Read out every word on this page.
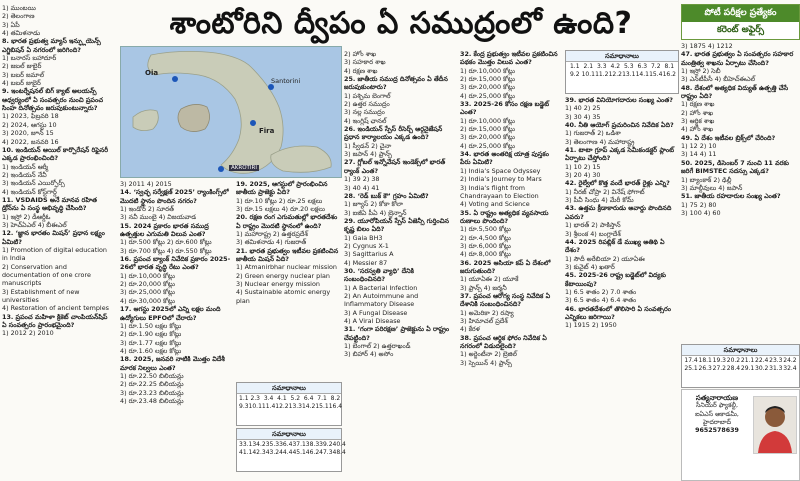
శాంటోరిని ద్వీపం ఏ సముద్రంలో ఉంది?	పోటీ పరీక్షల ప్రత్యేకం
కరెంట్ అఫైర్స్
Oia
Santorini
Fira
AKROTIRI

1) ముంబయి

2) తెలంగాణ

3) ఏపీ

4) తమిళనాడు

8. భారత ప్రభుత్వ మ్యాస్ ఇన్ఫ్లుయెన్స్ ఎగ్జిబిషన్ ఏ నగరంలో జరిగింది?

1) బనారస్ బహాదూర్

2) జబల్ జుబైర్

3) బబర్ జమాల్

4) బబర్ జుబైర్

9. ఇంటర్నేషనల్ బిగ్ క్యాట్ అలయన్స్ ఆధ్వర్యంలో ఏ సంవత్సరం నుంచి ప్రపంచ సింహ దినోత్సవం జరుపుకుంటున్నారు?

1) 2023, ఫిబ్రవరి 18

2) 2024, ఆగస్టు 10

3) 2020, జూన్ 15

4) 2022, జనవరి 16

10. ఇండియన్ ఆయిల్ కార్పొరేషన్ రిఫైనరీ ఎక్కడ ప్రారంభించింది?

1) ఇండియన్ ఆర్మీ

2) ఇండియన్ నేవీ

3) ఇండియన్ ఎయిర్ఫోర్స్

4) ఇండియన్ కోస్ట్‌గార్డ్

11. VSDAIDS అనే మానవ రహిత డ్రోన్‌ను ఏ సంస్థ అభివృద్ధి చేసింది?

1) ఇస్రో 2) డీఆర్డీఓ

3) హెచ్ఏఎల్ 4) బీఈఎల్

12. ‘జ్ఞాన భారతం మిషన్’ ప్రధాన లక్ష్యం ఏమిటి?

1) Promotion of digital education in India

2) Conservation and documentation of one crore manuscripts

3) Establishment of new universities

4) Restoration of ancient temples

13. ప్రపంచ మహిళా క్రికెట్ చాంపియన్‌షిప్ ఏ సంవత్సరం ప్రారంభమైంది?

1) 2012 2) 2010

3) 2011 4) 2015

14. ‘స్వచ్ఛ సర్వేక్షణ్ 2025’ ర్యాంకింగ్స్‌లో మొదటి స్థానం పొందిన నగరం?

1) ఇండోర్ 2) సూరత్

3) నవీ ముంబై 4) విజయవాడ

15. 2024 ప్రకారం భారత సముద్ర ఉత్పత్తుల ఎగుమతి విలువ ఎంత?

1) రూ.500 కోట్లు 2) రూ.600 కోట్లు

3) రూ.700 కోట్లు 4) రూ.550 కోట్లు

16. ప్రపంచ బ్యాంక్ నివేదిక ప్రకారం 2025-26లో భారత వృద్ధి రేటు ఎంత?

1) రూ.10,000 కోట్లు

2) రూ.20,000 కోట్లు

3) రూ.25,000 కోట్లు

4) రూ.30,000 కోట్లు

17. ఆగస్టు 2025లో ఎన్ని లక్షల మంది ఉద్యోగులు EPFOలో చేరారు?

1) రూ.1.50 లక్షల కోట్లు

2) రూ.1.90 లక్షల కోట్లు

3) రూ.1.77 లక్షల కోట్లు

4) రూ.1.60 లక్షల కోట్లు

18. 2025, జనవరి నాటికి మొత్తం విదేశీ మారక నిల్వలు ఎంత?

1) రూ.22.50 బిలియన్లు

2) రూ.22.25 బిలియన్లు

3) రూ.23.23 బిలియన్లు

4) రూ.23.48 బిలియన్లు

19. 2025, ఆగస్టులో ప్రారంభించిన జాతీయ ప్రాజెక్టు ఏది?

1) రూ.10 కోట్లు 2) రూ.25 లక్షలు

3) రూ.15 లక్షలు 4) రూ.20 లక్షలు

20. రక్షణ రంగ ఎగుమతుల్లో భారతదేశం ఏ రాష్ట్రం మొదటి స్థానంలో ఉంది?

1) మహారాష్ట్ర 2) ఉత్తరప్రదేశ్

3) తమిళనాడు 4) గుజరాత్

21. భారత ప్రభుత్వం ఇటీవల ప్రకటించిన జాతీయ మిషన్ ఏది?

1) Atmanirbhar nuclear mission

2) Green energy nuclear plan

3) Nuclear energy mission

4) Sustainable atomic energy plan

2) హోం శాఖ

3) సహకార శాఖ

4) రక్షణ శాఖ

25. జాతీయ సముద్ర దినోత్సవం ఏ తేదీన జరుపుకుంటారు?

1) పశ్చిమ బెంగాల్

2) ఉత్తర సముద్రం

3) నల్ల సముద్రం

4) ఇంగ్లిష్ ఛానల్

26. ఇండియన్ స్పేస్ రీసెర్చ్ ఆర్గనైజేషన్ ప్రధాన కార్యాలయం ఎక్కడ ఉంది?

1) స్వీడన్ 2) చైనా

3) జపాన్ 4) ఫ్రాన్స్

27. గ్లోబల్ ఇన్నోవేషన్ ఇండెక్స్‌లో భారత్ ర్యాంక్ ఎంత?

1) 39 2) 38

3) 40 4) 41

28. ‘రెడ్ బుక్ కౌ’ గ్రహం ఏమిటి?

1) జ్యూస్ 2) కోకా కోలా

3) ఐజీఏ పీఏ 4) బ్రెన్నాన్

29. యూరోపియన్ స్పేస్ ఏజెన్సీ గుర్తించిన కృష్ణ బిలం ఏది?

1) Gaia BH3

2) Cygnus X-1

3) Sagittarius A

4) Messier 87

30. ‘సరస్వతి వ్యాధి’ దేనికి సంబంధించినది?

1) A Bacterial Infection

2) An Autoimmune and Inflammatory Disease

3) A Fungal Disease

4) A Viral Disease

31. ‘గంగా పరిరక్షణ’ ప్రాజెక్టును ఏ రాష్ట్రం చేపట్టింది?

1) బెంగాల్ 2) ఉత్తరాఖండ్

3) బిహార్ 4) అసోం

32. కేంద్ర ప్రభుత్వం ఇటీవల ప్రకటించిన పథకం మొత్తం విలువ ఎంత?

1) రూ.10,000 కోట్లు

2) రూ.15,000 కోట్లు

3) రూ.20,000 కోట్లు

4) రూ.25,000 కోట్లు

33. 2025-26 కోసం రక్షణ బడ్జెట్ ఎంత?

1) రూ.10,000 కోట్లు

2) రూ.15,000 కోట్లు

3) రూ.20,000 కోట్లు

4) రూ.25,000 కోట్లు

34. భారత అంతరిక్ష యాత్ర పుస్తకం పేరు ఏమిటి?

1) India’s Space Odyssey

2) India’s Journey to Mars

3) India’s flight from Chandrayaan to Election

4) Voting and Science

35. ఏ రాష్ట్రం అత్యధిక వ్యవసాయ రుణాలు పొందింది?

1) రూ.5,500 కోట్లు

2) రూ.4,500 కోట్లు

3) రూ.6,000 కోట్లు

4) రూ.8,000 కోట్లు

36. 2025 ఆసియా కప్ ఏ దేశంలో జరుగుతుంది?

1) యూఏఈ 2) యూకే

3) ఫ్రాన్స్ 4) జర్మనీ

37. ప్రపంచ ఆరోగ్య సంస్థ నివేదిక ఏ దేశానికి సంబంధించినది?

1) అమెరికా 2) రష్యా

3) హిమాచల్ ప్రదేశ్

4) కేరళ

38. ప్రపంచ ఆర్థిక ఫోరం నివేదిక ఏ నగరంలో విడుదలైంది?

1) అర్జెంటీనా 2) బ్రెజిల్

3) స్పెయిన్ 4) ఫ్రాన్స్

39. భారత వినియోగదారుల సంఖ్య ఎంత?

1) 40 2) 25

3) 30 4) 35

40. నీతి ఆయోగ్ ప్రచురించిన నివేదిక ఏది?

1) గుజరాత్ 2) ఒడిశా

3) తెలంగాణ 4) మహారాష్ట్ర

41. టాటా గ్రూప్ ఎక్కడ సెమీకండక్టర్ ప్లాంట్ ఏర్పాటు చేస్తోంది?

1) 10 2) 15

3) 20 4) 30

42. రైల్వేలో కొత్త వందే భారత్ రైళ్లు ఎన్ని?

1) నీరజ్ చోప్రా 2) వినేష్ ఫోగాట్

3) పీవీ సింధు 4) మేరీ కోమ్

43. ఉత్తమ క్రీడాకారుడు అవార్డు పొందినది ఎవరు?

1) భారత్ 2) పాకిస్తాన్

3) శ్రీలంక 4) బంగ్లాదేశ్

44. 2025 రిపబ్లిక్ డే ముఖ్య అతిథి ఏ దేశం?

1) సౌదీ అరేబియా 2) యూఏఈ

3) కువైట్ 4) ఖతార్

45. 2025-26 రాష్ట్ర బడ్జెట్‌లో విద్యకు కేటాయింపు?

1) 6.5 శాతం 2) 7.0 శాతం

3) 6.5 శాతం 4) 6.4 శాతం

46. భారతదేశంలో తొలిసారి ఏ సంవత్సరం ఎన్నికలు జరిగాయి?

1) 1915 2) 1950

3) 1875 4) 1212

47. భారత ప్రభుత్వం ఏ సంవత్సరం సహకార మంత్రిత్వ శాఖను ఏర్పాటు చేసింది?

1) ఇస్రో 2) సెబీ

3) ఎన్‌టీపీసీ 4) బీహెచ్ఈఎల్

48. దేశంలో అత్యధిక విద్యుత్ ఉత్పత్తి చేసే రాష్ట్రం ఏది?

1) రక్షణ శాఖ

2) హోం శాఖ

3) ఆర్థిక శాఖ

4) హోం శాఖ

49. ఏ దేశం ఇటీవల బ్రిక్స్‌లో చేరింది?

1) 12 2) 10

3) 14 4) 11

50. 2025, డిసెంబర్ 7 నుంచి 11 వరకు జరిగే BIMSTEC సదస్సు ఎక్కడ?

1) బ్యాంకాక్ 2) ఢిల్లీ

3) మాల్దీవులు 4) జపాన్

51. జాతీయ రహదారుల సంఖ్య ఎంత?

1) 75 2) 80

3) 100 4) 60

సమాధానాలు
1.1 2.1 3.3 4.2 5.3 6.3 7.2 8.1
9.2 10.1 11.2 12.2 13.1 14.1 15.4 16.2
సమాధానాలు
1.1 2.3 3.4 4.1 5.2 6.4 7.1 8.2
9.3 10.1 11.4 12.2 13.3 14.2 15.1 16.4
సమాధానాలు
17.4 18.1 19.3 20.2 21.1 22.4 23.3 24.2
25.1 26.3 27.2 28.4 29.1 30.2 31.3 32.4
సమాధానాలు
33.1 34.2 35.3 36.4 37.1 38.3 39.2 40.4
41.1 42.3 43.2 44.4 45.1 46.2 47.3 48.4
సత్యనారాయణ
సీనియర్ ఫ్యాకల్టీ,
ఐఏఎస్ అకాడమీ,
హైదరాబాద్
9652578639
